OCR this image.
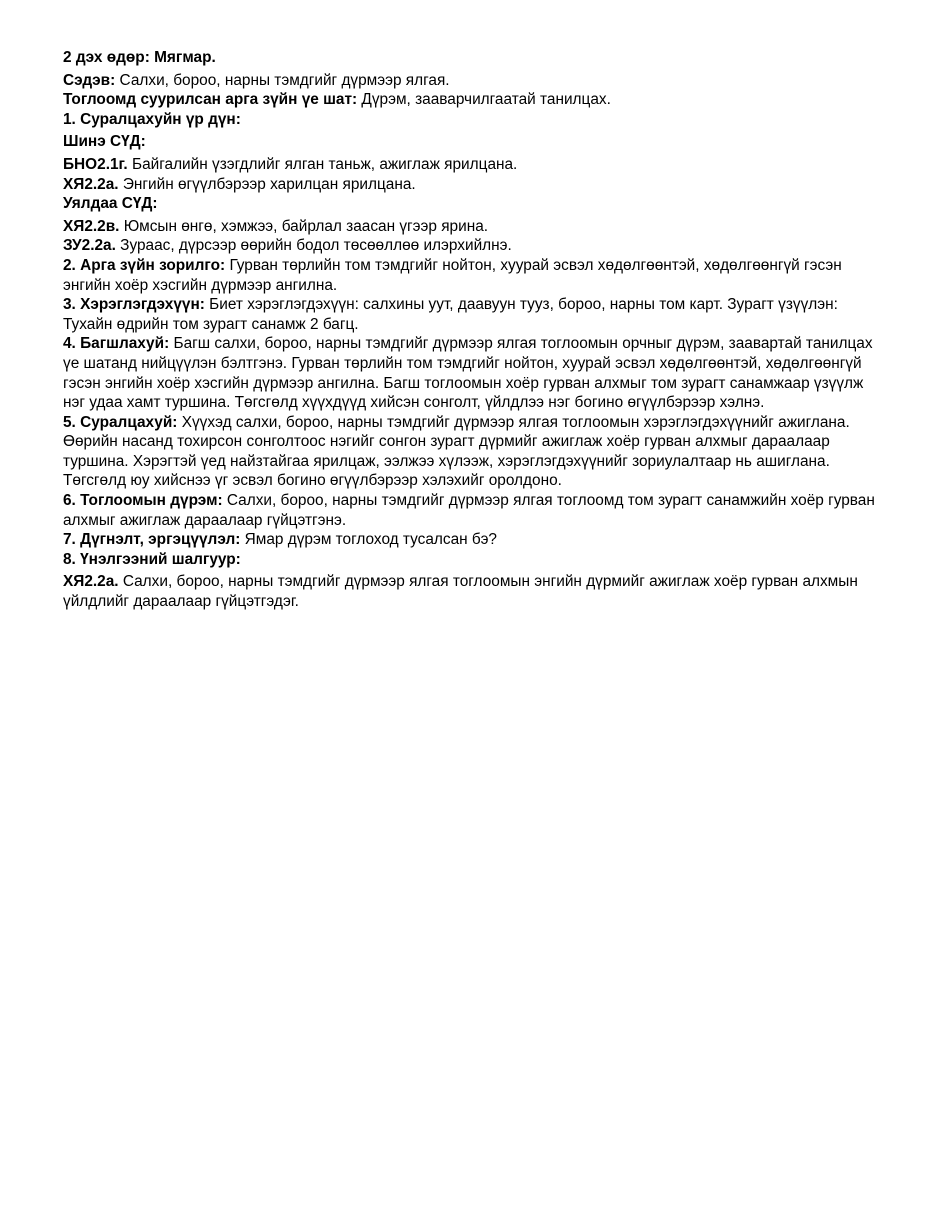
2 дэх өдөр: Мягмар.

Сэдэв: Салхи, бороо, нарны тэмдгийг дүрмээр ялгая.

Тоглоомд суурилсан арга зүйн үе шат: Дүрэм, зааварчилгаатай танилцах.

1. Суралцахуйн үр дүн:

Шинэ СҮД:

БНО2.1г. Байгалийн үзэгдлийг ялган таньж, ажиглаж ярилцана.

ХЯ2.2а. Энгийн өгүүлбэрээр харилцан ярилцана.

Уялдаа СҮД:

ХЯ2.2в. Юмсын өнгө, хэмжээ, байрлал заасан үгээр ярина.

ЗУ2.2а. Зураас, дүрсээр өөрийн бодол төсөөллөө илэрхийлнэ.

2. Арга зүйн зорилго: Гурван төрлийн том тэмдгийг нойтон, хуурай эсвэл хөдөлгөөнтэй, хөдөлгөөнгүй гэсэн энгийн хоёр хэсгийн дүрмээр ангилна.

3. Хэрэглэгдэхүүн: Биет хэрэглэгдэхүүн: салхины уут, даавуун тууз, бороо, нарны том карт. Зурагт үзүүлэн: Тухайн өдрийн том зурагт санамж 2 багц.

4. Багшлахуй: Багш салхи, бороо, нарны тэмдгийг дүрмээр ялгая тоглоомын орчныг дүрэм, заавартай танилцах үе шатанд нийцүүлэн бэлтгэнэ. Гурван төрлийн том тэмдгийг нойтон, хуурай эсвэл хөдөлгөөнтэй, хөдөлгөөнгүй гэсэн энгийн хоёр хэсгийн дүрмээр ангилна. Багш тоглоомын хоёр гурван алхмыг том зурагт санамжаар үзүүлж нэг удаа хамт туршина. Төгсгөлд хүүхдүүд хийсэн сонголт, үйлдлээ нэг богино өгүүлбэрээр хэлнэ.

5. Суралцахуй: Хүүхэд салхи, бороо, нарны тэмдгийг дүрмээр ялгая тоглоомын хэрэглэгдэхүүнийг ажиглана. Өөрийн насанд тохирсон сонголтоос нэгийг сонгон зурагт дүрмийг ажиглаж хоёр гурван алхмыг дараалаар туршина. Хэрэгтэй үед найзтайгаа ярилцаж, ээлжээ хүлээж, хэрэглэгдэхүүнийг зориулалтаар нь ашиглана. Төгсгөлд юу хийснээ үг эсвэл богино өгүүлбэрээр хэлэхийг оролдоно.

6. Тоглоомын дүрэм: Салхи, бороо, нарны тэмдгийг дүрмээр ялгая тоглоомд том зурагт санамжийн хоёр гурван алхмыг ажиглаж дараалаар гүйцэтгэнэ.

7. Дүгнэлт, эргэцүүлэл: Ямар дүрэм тоглоход тусалсан бэ?

8. Үнэлгээний шалгуур:

ХЯ2.2а. Салхи, бороо, нарны тэмдгийг дүрмээр ялгая тоглоомын энгийн дүрмийг ажиглаж хоёр гурван алхмын үйлдлийг дараалаар гүйцэтгэдэг.
